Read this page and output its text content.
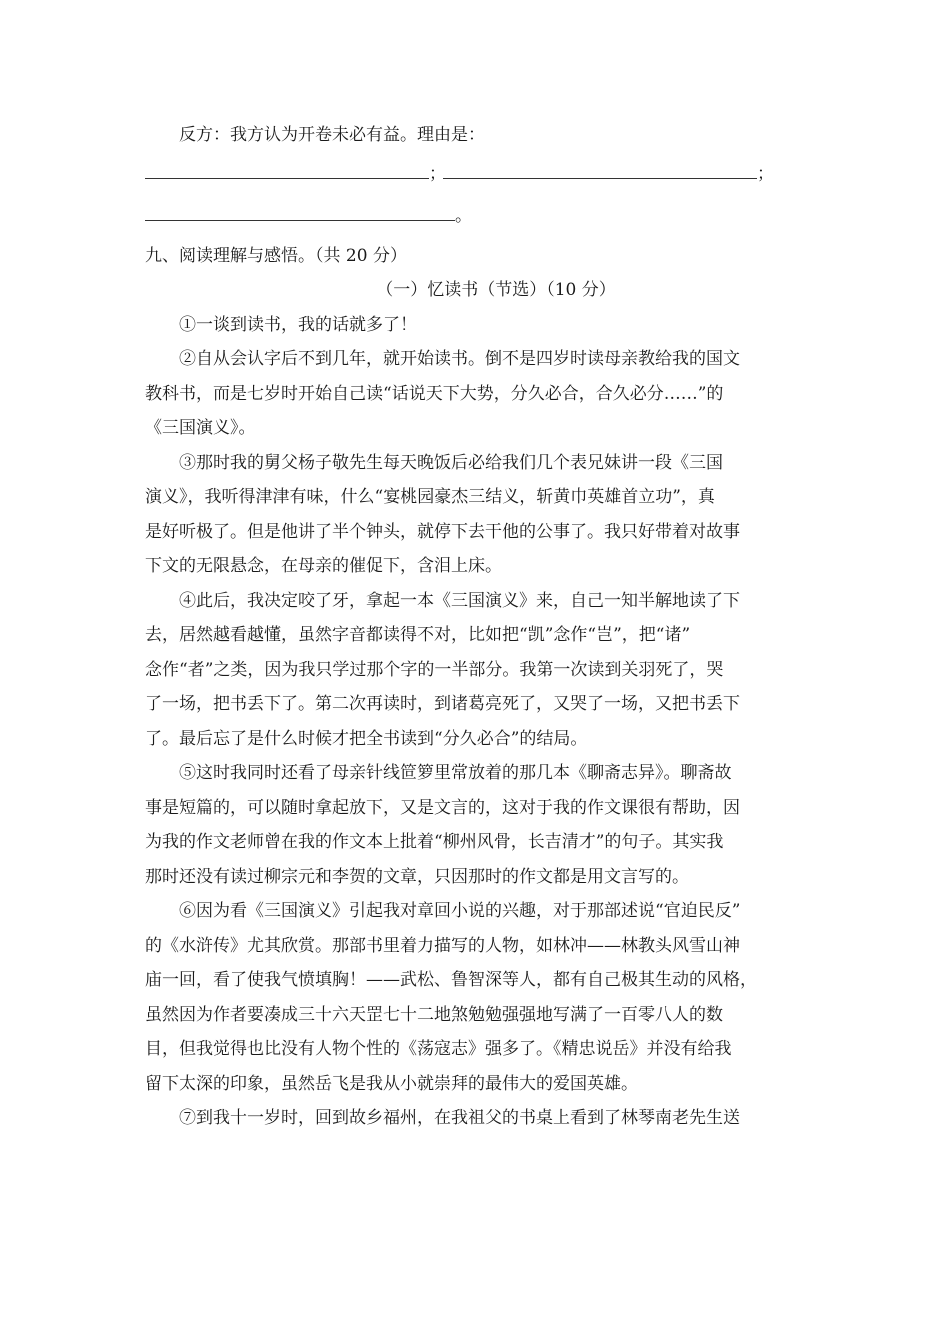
反方：我方认为开卷未必有益。理由是：
；	；
。
九、阅读理解与感悟。（共 20 分）
（一）忆读书（节选）（10 分）
①一谈到读书，我的话就多了！
②自从会认字后不到几年，就开始读书。倒不是四岁时读母亲教给我的国文
教科书，而是七岁时开始自己读“话说天下大势，分久必合，合久必分……”的
《三国演义》。
③那时我的舅父杨子敬先生每天晚饭后必给我们几个表兄妹讲一段《三国
演义》，我听得津津有味，什么“宴桃园豪杰三结义，斩黄巾英雄首立功”，真
是好听极了。但是他讲了半个钟头，就停下去干他的公事了。我只好带着对故事
下文的无限悬念，在母亲的催促下，含泪上床。
④此后，我决定咬了牙，拿起一本《三国演义》来，自己一知半解地读了下
去，居然越看越懂，虽然字音都读得不对，比如把“凯”念作“岂”，把“诸”
念作“者”之类，因为我只学过那个字的一半部分。我第一次读到关羽死了，哭
了一场，把书丢下了。第二次再读时，到诸葛亮死了，又哭了一场，又把书丢下
了。最后忘了是什么时候才把全书读到“分久必合”的结局。
⑤这时我同时还看了母亲针线笸箩里常放着的那几本《聊斋志异》。聊斋故
事是短篇的，可以随时拿起放下，又是文言的，这对于我的作文课很有帮助，因
为我的作文老师曾在我的作文本上批着“柳州风骨，长吉清才”的句子。其实我
那时还没有读过柳宗元和李贺的文章，只因那时的作文都是用文言写的。
⑥因为看《三国演义》引起我对章回小说的兴趣，对于那部述说“官迫民反”
的《水浒传》尤其欣赏。那部书里着力描写的人物，如林冲——林教头风雪山神
庙一回，看了使我气愤填胸！——武松、鲁智深等人，都有自己极其生动的风格，
虽然因为作者要凑成三十六天罡七十二地煞勉勉强强地写满了一百零八人的数
目，但我觉得也比没有人物个性的《荡寇志》强多了。《精忠说岳》并没有给我
留下太深的印象，虽然岳飞是我从小就崇拜的最伟大的爱国英雄。
⑦到我十一岁时，回到故乡福州，在我祖父的书桌上看到了林琴南老先生送
